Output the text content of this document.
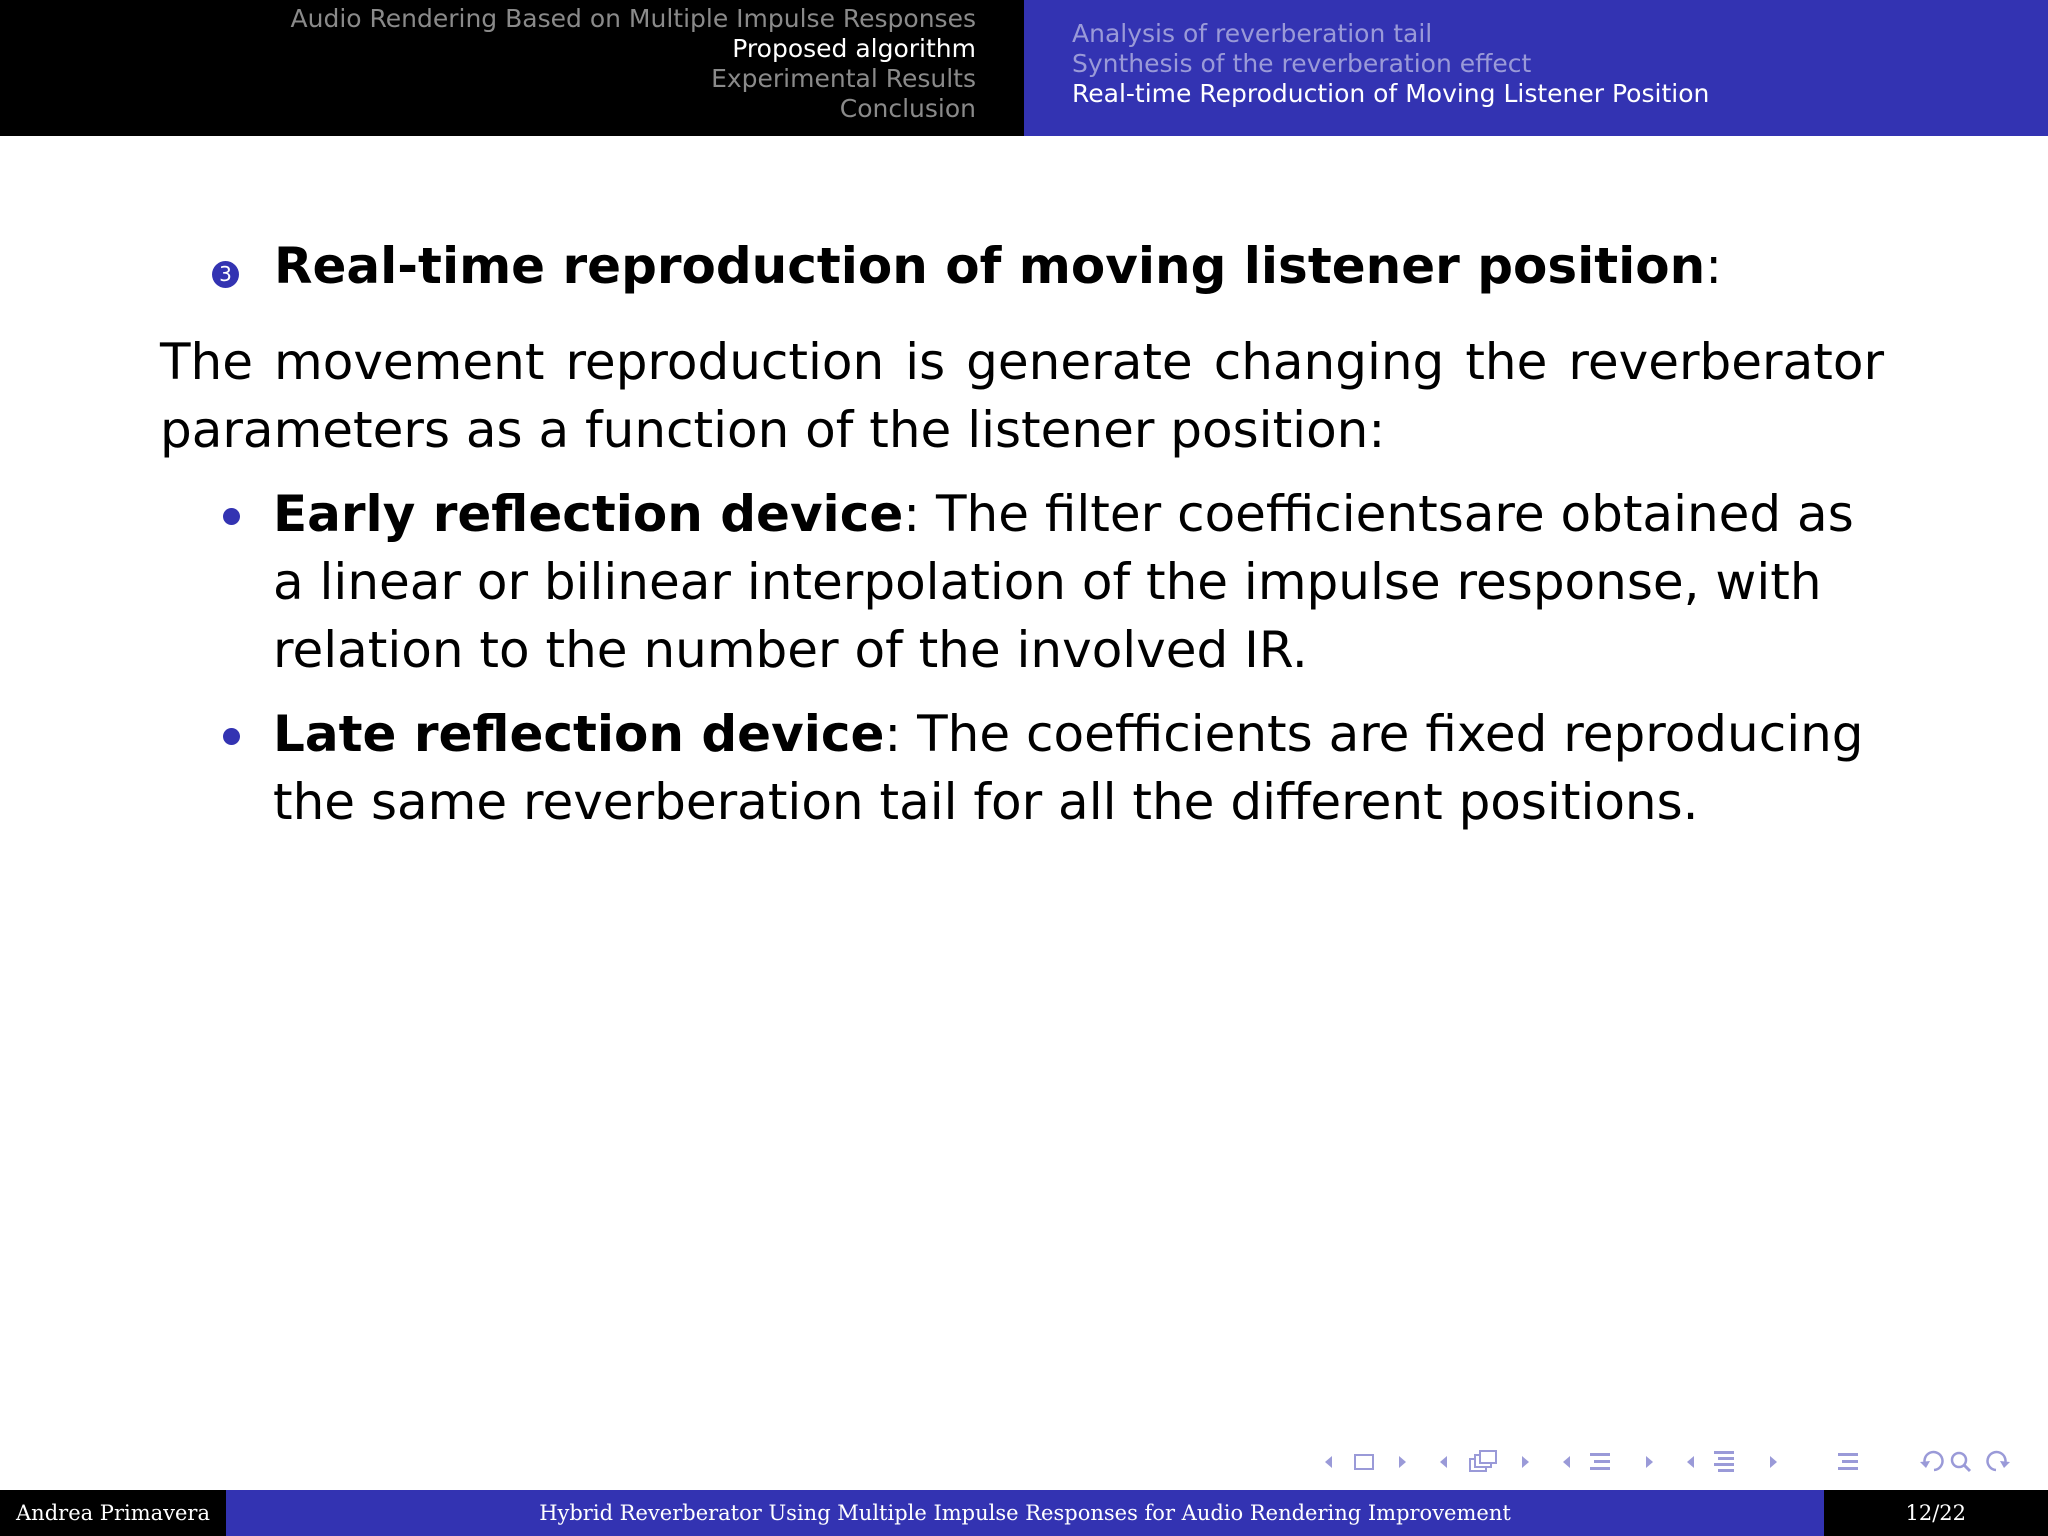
Audio Rendering Based on Multiple Impulse Responses
Proposed algorithm
Experimental Results
Conclusion
Analysis of reverberation tail
Synthesis of the reverberation effect
Real-time Reproduction of Moving Listener Position
3 Real-time reproduction of moving listener position:
The movement reproduction is generate changing the reverberator parameters as a function of the listener position:
Early reflection device: The filter coefficientsare obtained as a linear or bilinear interpolation of the impulse response, with relation to the number of the involved IR.
Late reflection device: The coefficients are fixed reproducing the same reverberation tail for all the different positions.
Andrea Primavera	Hybrid Reverberator Using Multiple Impulse Responses for Audio Rendering Improvement	12/22
